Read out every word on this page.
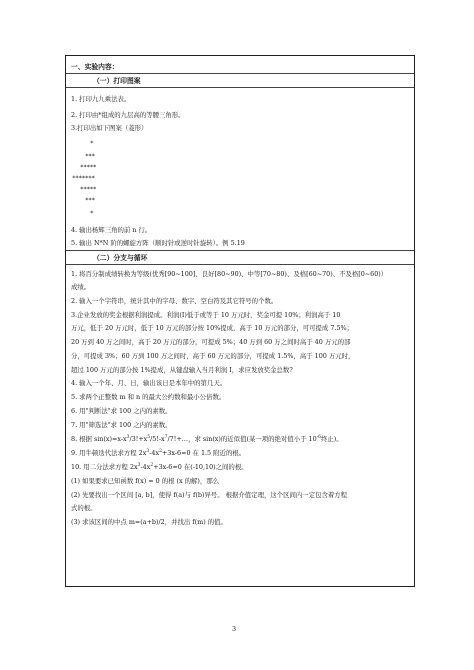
一、实验内容：
（一）打印图案
1. 打印九九乘法表。
2. 打印由*组成的九层高的等腰三角形。
3.打印出如下图案（菱形）
*
***
*****
*******
*****
***
*
4. 输出杨辉三角的前 n 行。
5. 输出 N*N 阶的螺旋方阵（顺时针或逆时针旋转）。例 5.19
（二）分支与循环
1. 将百分制成绩转换为等级(优秀[90~100]、良好[80~90)、中等[70~80)、及格[60~70)、不及格[0~60)）
成绩。
2. 输入一个字符串，统计其中的字母、数字、空白符及其它符号的个数。
3.企业发放的奖金根据利润提成。利润(I)低于或等于 10 万元时，奖金可提 10%；利润高于 10
万元，低于 20 万元时，低于 10 万元的部分按 10%提成，高于 10 万元的部分，可可提成 7.5%；
20 万到 40 万之间时，高于 20 万元的部分，可提成 5%；40 万到 60 万之间时高于 40 万元的部
分，可提成 3%；60 万到 100 万之间时，高于 60 万元的部分，可提成 1.5%，高于 100 万元时，
超过 100 万元的部分按 1%提成，从键盘输入当月利润 I，求应发放奖金总数?
4. 输入一个年、月、日，输出该日是本年中的第几天。
5. 求两个正整数 m 和 n 的最大公约数和最小公倍数。
6. 用"判断法"求 100 之内的素数。
7. 用"筛选法"求 100 之内的素数。
8. 根据 $\sin(x)=x-x^3/3!+x^5/5!-x^7/7!+\dots$，求 sin(x)的近似值(某一项的绝对值小于 $10^{-6}$终止)。
9. 用牛顿迭代法求方程 $2x^3-4x^2+3x-6=0$ 在 1.5 附近的根。
10. 用二分法求方程 $2x^3-4x^2+3x-6=0$ 在(-10,10)之间的根。
(1) 如果要求已知函数 f(x) = 0 的根 (x 的解)，那么
(2) 先要找出一个区间 [a, b]，使得 f(a)与 f(b)异号。 根据介值定理，这个区间内一定包含着方程
式的根。
(3) 求该区间的中点 m=(a+b)/2，并找出 f(m) 的值。
3
